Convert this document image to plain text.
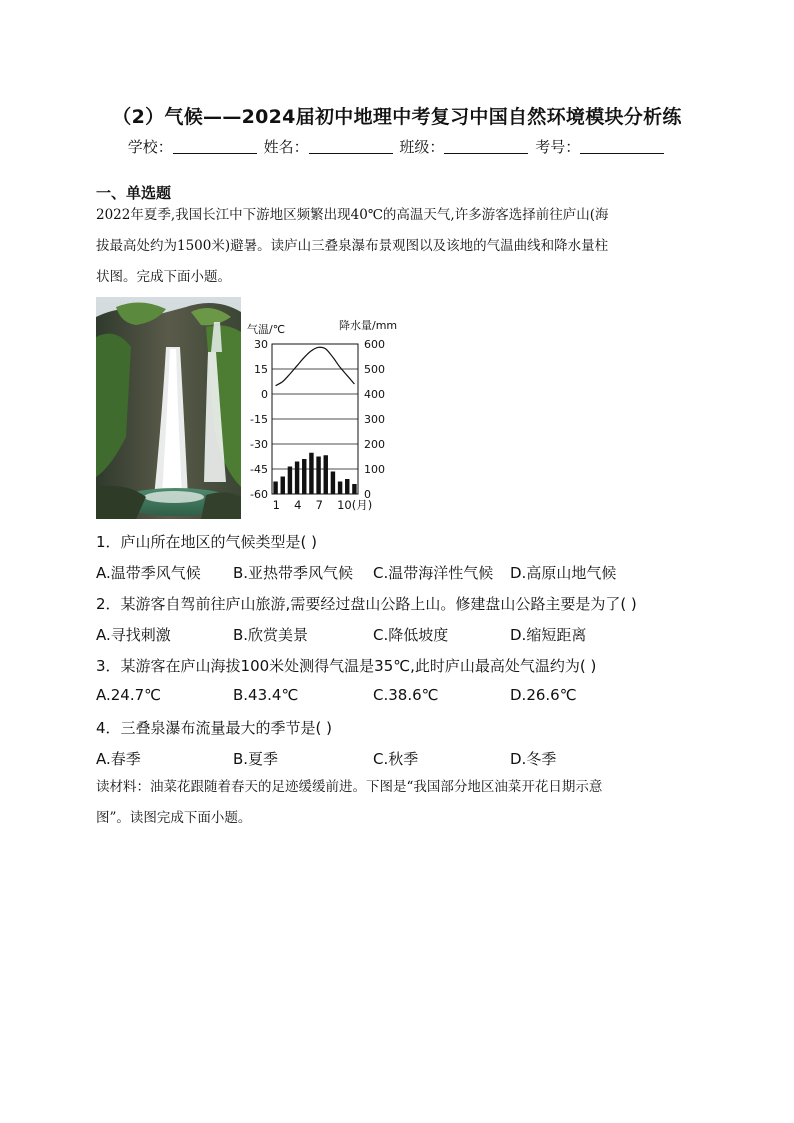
（2）气候——2024届初中地理中考复习中国自然环境模块分析练
学校：	姓名：	班级：	考号：
一、单选题

2022年夏季,我国长江中下游地区频繁出现40℃的高温天气,许多游客选择前往庐山(海
拔最高处约为1500米)避暑。读庐山三叠泉瀑布景观图以及该地的气温曲线和降水量柱
状图。完成下面小题。

气温/℃	降水量/mm
30
15
0
-15
-30
-45
-60
600
500
400
300
200
100
0
1 4 7 10(月)
1．庐山所在地区的气候类型是( )
A.温带季风气候 B.亚热带季风气候 C.温带海洋性气候 D.高原山地气候
2．某游客自驾前往庐山旅游,需要经过盘山公路上山。修建盘山公路主要是为了( )
A.寻找刺激	B.欣赏美景	C.降低坡度	D.缩短距离
3．某游客在庐山海拔100米处测得气温是35℃,此时庐山最高处气温约为( )
A.24.7℃	B.43.4℃	C.38.6℃	D.26.6℃
4．三叠泉瀑布流量最大的季节是( )
A.春季	B.夏季	C.秋季	D.冬季

读材料：油菜花跟随着春天的足迹缓缓前进。下图是“我国部分地区油菜开花日期示意
图”。读图完成下面小题。
